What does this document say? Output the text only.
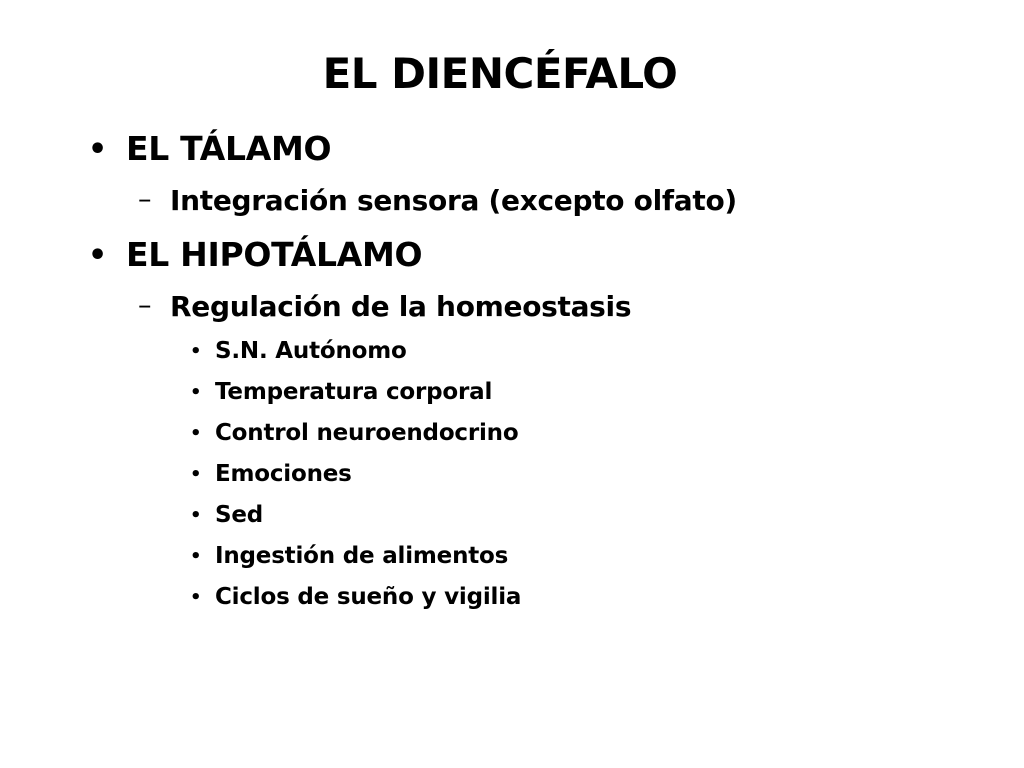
EL DIENCÉFALO
• EL TÁLAMO
– Integración sensora (excepto olfato)
• EL HIPOTÁLAMO
– Regulación de la homeostasis
• S.N. Autónomo
• Temperatura corporal
• Control neuroendocrino
• Emociones
• Sed
• Ingestión de alimentos
• Ciclos de sueño y vigilia
